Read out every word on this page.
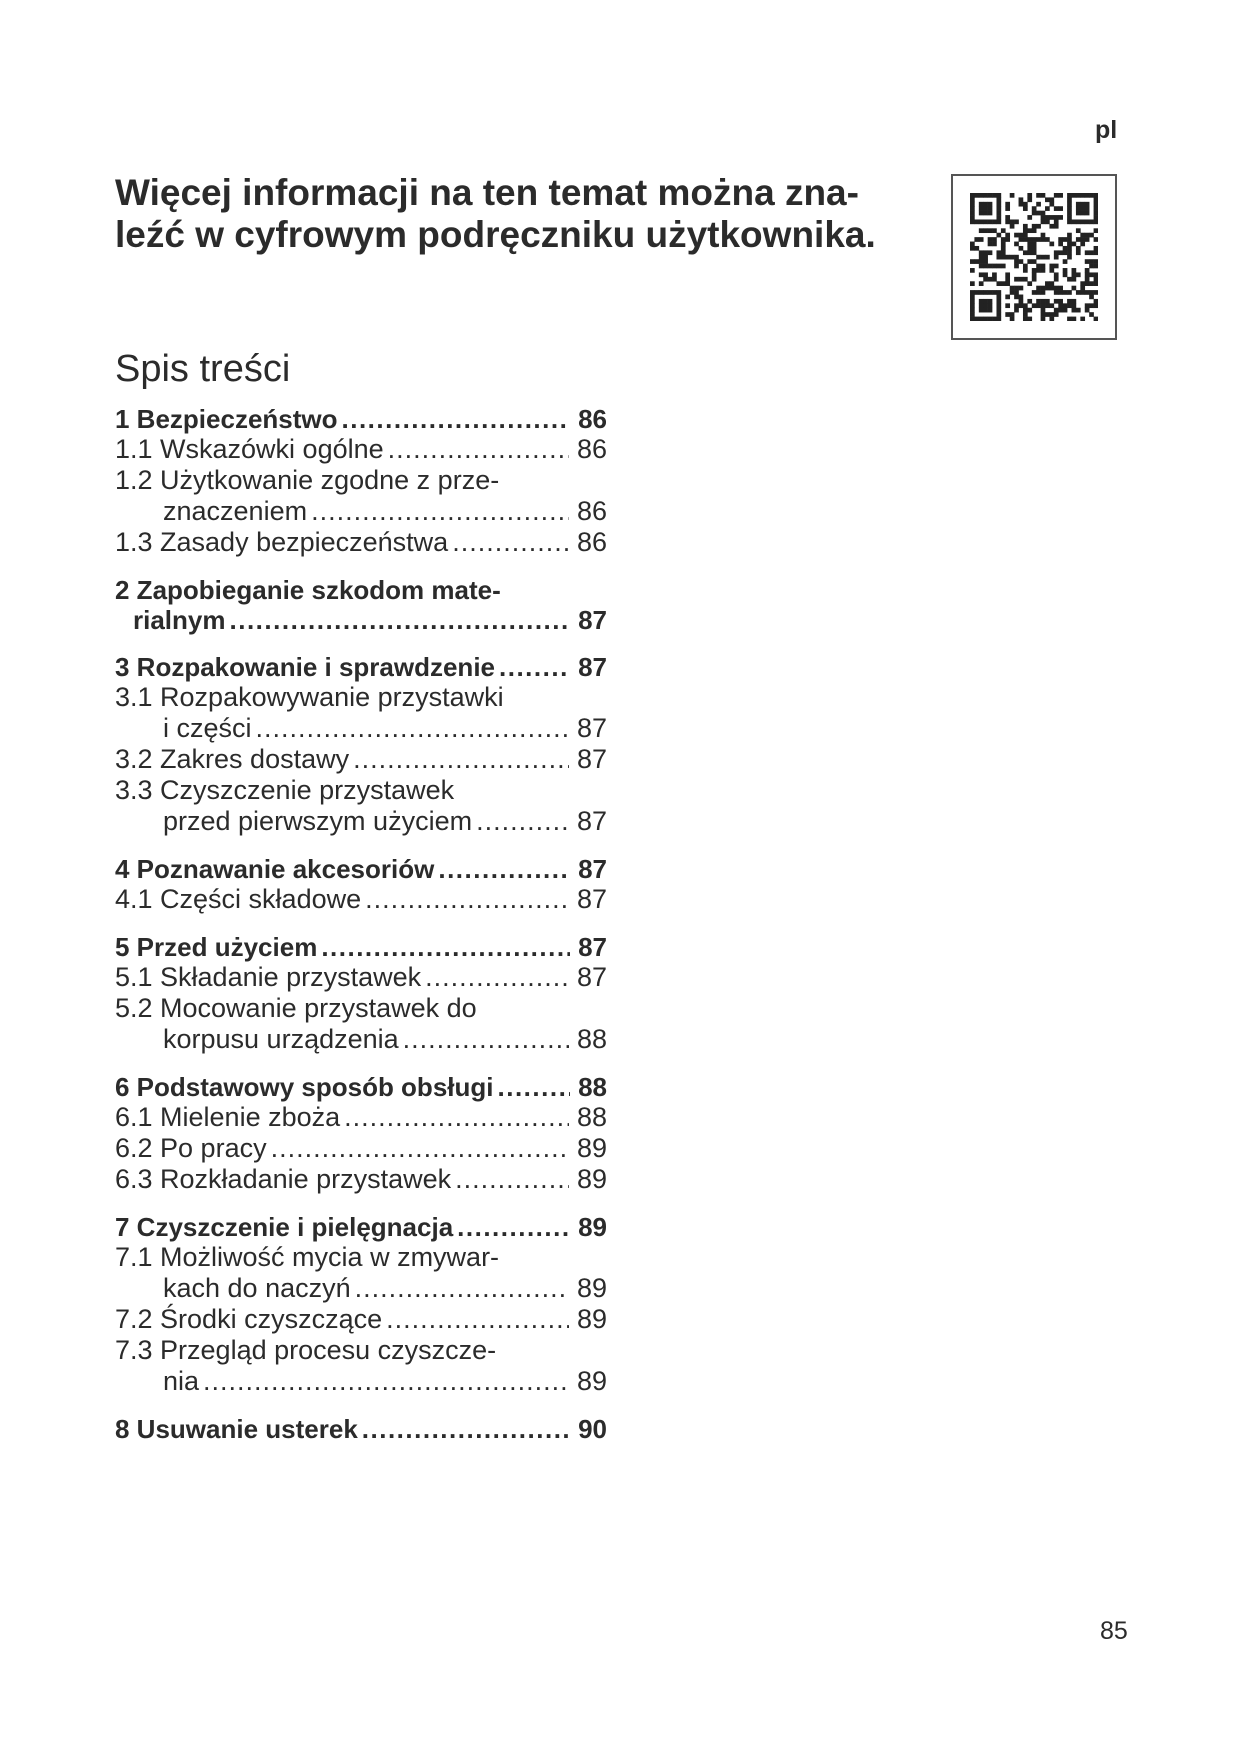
pl
Więcej informacji na ten temat można zna-
leźć w cyfrowym podręczniku użytkownika.
Spis treści
1 Bezpieczeństwo .....	86
1.1 Wskazówki ogólne .....	86
1.2 Użytkowanie zgodne z prze-
znaczeniem .....	86
1.3 Zasady bezpieczeństwa .....	86
2 Zapobieganie szkodom mate-
rialnym .....	87
3 Rozpakowanie i sprawdzenie .....	87
3.1 Rozpakowywanie przystawki
i części .....	87
3.2 Zakres dostawy .....	87
3.3 Czyszczenie przystawek
przed pierwszym użyciem .....	87
4 Poznawanie akcesoriów .....	87
4.1 Części składowe .....	87
5 Przed użyciem .....	87
5.1 Składanie przystawek .....	87
5.2 Mocowanie przystawek do
korpusu urządzenia .....	88
6 Podstawowy sposób obsługi .....	88
6.1 Mielenie zboża .....	88
6.2 Po pracy .....	89
6.3 Rozkładanie przystawek .....	89
7 Czyszczenie i pielęgnacja .....	89
7.1 Możliwość mycia w zmywar-
kach do naczyń .....	89
7.2 Środki czyszczące .....	89
7.3 Przegląd procesu czyszcze-
nia .....	89
8 Usuwanie usterek .....	90
85
